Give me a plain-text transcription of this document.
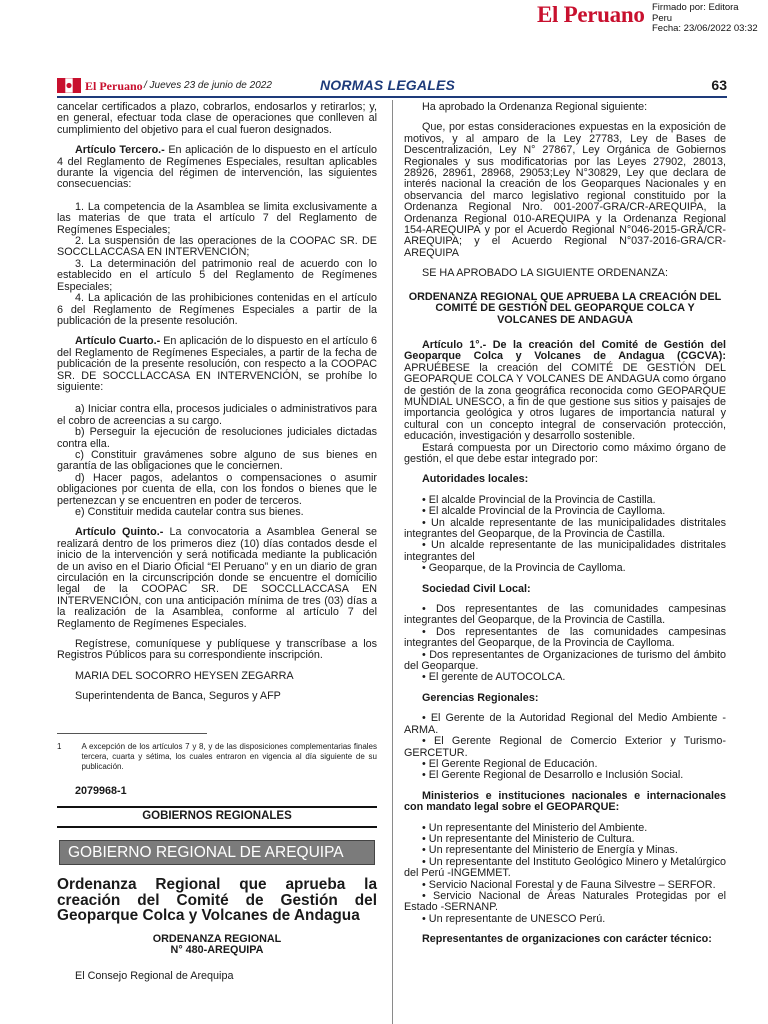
El Peruano Firmado por: Editora
Peru
Fecha: 23/06/2022 03:32
El Peruano / Jueves 23 de junio de 2022	NORMAS LEGALES	63

cancelar certificados a plazo, cobrarlos, endosarlos y retirarlos; y, en general, efectuar toda clase de operaciones que conlleven al cumplimiento del objetivo para el cual fueron designados.

Artículo Tercero.- En aplicación de lo dispuesto en el artículo 4 del Reglamento de Regímenes Especiales, resultan aplicables durante la vigencia del régimen de intervención, las siguientes consecuencias:

1. La competencia de la Asamblea se limita exclusivamente a las materias de que trata el artículo 7 del Reglamento de Regímenes Especiales;

2. La suspensión de las operaciones de la COOPAC SR. DE SOCCLLACCASA EN INTERVENCIÓN;

3. La determinación del patrimonio real de acuerdo con lo establecido en el artículo 5 del Reglamento de Regímenes Especiales;

4. La aplicación de las prohibiciones contenidas en el artículo 6 del Reglamento de Regímenes Especiales a partir de la publicación de la presente resolución.

Artículo Cuarto.- En aplicación de lo dispuesto en el artículo 6 del Reglamento de Regímenes Especiales, a partir de la fecha de publicación de la presente resolución, con respecto a la COOPAC SR. DE SOCCLLACCASA EN INTERVENCIÓN, se prohíbe lo siguiente:

a) Iniciar contra ella, procesos judiciales o administrativos para el cobro de acreencias a su cargo.

b) Perseguir la ejecución de resoluciones judiciales dictadas contra ella.

c) Constituir gravámenes sobre alguno de sus bienes en garantía de las obligaciones que le conciernen.

d) Hacer pagos, adelantos o compensaciones o asumir obligaciones por cuenta de ella, con los fondos o bienes que le pertenezcan y se encuentren en poder de terceros.

e) Constituir medida cautelar contra sus bienes.

Artículo Quinto.- La convocatoria a Asamblea General se realizará dentro de los primeros diez (10) días contados desde el inicio de la intervención y será notificada mediante la publicación de un aviso en el Diario Oficial “El Peruano” y en un diario de gran circulación en la circunscripción donde se encuentre el domicilio legal de la COOPAC SR. DE SOCCLLACCASA EN INTERVENCIÓN, con una anticipación mínima de tres (03) días a la realización de la Asamblea, conforme al artículo 7 del Reglamento de Regímenes Especiales.

Regístrese, comuníquese y publíquese y transcríbase a los Registros Públicos para su correspondiente inscripción.

MARIA DEL SOCORRO HEYSEN ZEGARRA

Superintendenta de Banca, Seguros y AFP

1	A excepción de los artículos 7 y 8, y de las disposiciones complementarias finales tercera, cuarta y sétima, los cuales entraron en vigencia al día siguiente de su publicación.

2079968-1

GOBIERNOS REGIONALES
GOBIERNO REGIONAL DE AREQUIPA
Ordenanza Regional que aprueba la creación del Comité de Gestión del Geoparque Colca y Volcanes de Andagua
ORDENANZA REGIONAL
N° 480-AREQUIPA

El Consejo Regional de Arequipa

Ha aprobado la Ordenanza Regional siguiente:

Que, por estas consideraciones expuestas en la exposición de motivos, y al amparo de la Ley 27783, Ley de Bases de Descentralización, Ley N° 27867, Ley Orgánica de Gobiernos Regionales y sus modificatorias por las Leyes 27902, 28013, 28926, 28961, 28968, 29053;Ley N°30829, Ley que declara de interés nacional la creación de los Geoparques Nacionales y en observancia del marco legislativo regional constituido por la Ordenanza Regional Nro. 001-2007-GRA/CR-AREQUIPA, la Ordenanza Regional 010-AREQUIPA y la Ordenanza Regional 154-AREQUIPA y por el Acuerdo Regional N°046-2015-GRA/CR-AREQUIPA; y el Acuerdo Regional N°037-2016-GRA/CR-AREQUIPA

SE HA APROBADO LA SIGUIENTE ORDENANZA:

ORDENANZA REGIONAL QUE APRUEBA LA CREACIÓN DEL COMITÉ DE GESTIÓN DEL GEOPARQUE COLCA Y VOLCANES DE ANDAGUA

Artículo 1°.- De la creación del Comité de Gestión del Geoparque Colca y Volcanes de Andagua (CGCVA): APRUÉBESE la creación del COMITÉ DE GESTIÓN DEL GEOPARQUE COLCA Y VOLCANES DE ANDAGUA como órgano de gestión de la zona geográfica reconocida como GEOPARQUE MUNDIAL UNESCO, a fin de que gestione sus sitios y paisajes de importancia geológica y otros lugares de importancia natural y cultural con un concepto integral de conservación protección, educación, investigación y desarrollo sostenible.

Estará compuesta por un Directorio como máximo órgano de gestión, el que debe estar integrado por:

Autoridades locales:

• El alcalde Provincial de la Provincia de Castilla.

• El alcalde Provincial de la Provincia de Caylloma.

• Un alcalde representante de las municipalidades distritales integrantes del Geoparque, de la Provincia de Castilla.

• Un alcalde representante de las municipalidades distritales integrantes del

• Geoparque, de la Provincia de Caylloma.

Sociedad Civil Local:

• Dos representantes de las comunidades campesinas integrantes del Geoparque, de la Provincia de Castilla.

• Dos representantes de las comunidades campesinas integrantes del Geoparque, de la Provincia de Caylloma.

• Dos representantes de Organizaciones de turismo del ámbito del Geoparque.

• El gerente de AUTOCOLCA.

Gerencias Regionales:

• El Gerente de la Autoridad Regional del Medio Ambiente -ARMA.

• El Gerente Regional de Comercio Exterior y Turismo-GERCETUR.

• El Gerente Regional de Educación.

• El Gerente Regional de Desarrollo e Inclusión Social.

Ministerios e instituciones nacionales e internacionales con mandato legal sobre el GEOPARQUE:

• Un representante del Ministerio del Ambiente.

• Un representante del Ministerio de Cultura.

• Un representante del Ministerio de Energía y Minas.

• Un representante del Instituto Geológico Minero y Metalúrgico del Perú -INGEMMET.

• Servicio Nacional Forestal y de Fauna Silvestre – SERFOR.

• Servicio Nacional de Áreas Naturales Protegidas por el Estado -SERNANP.

• Un representante de UNESCO Perú.

Representantes de organizaciones con carácter técnico:
